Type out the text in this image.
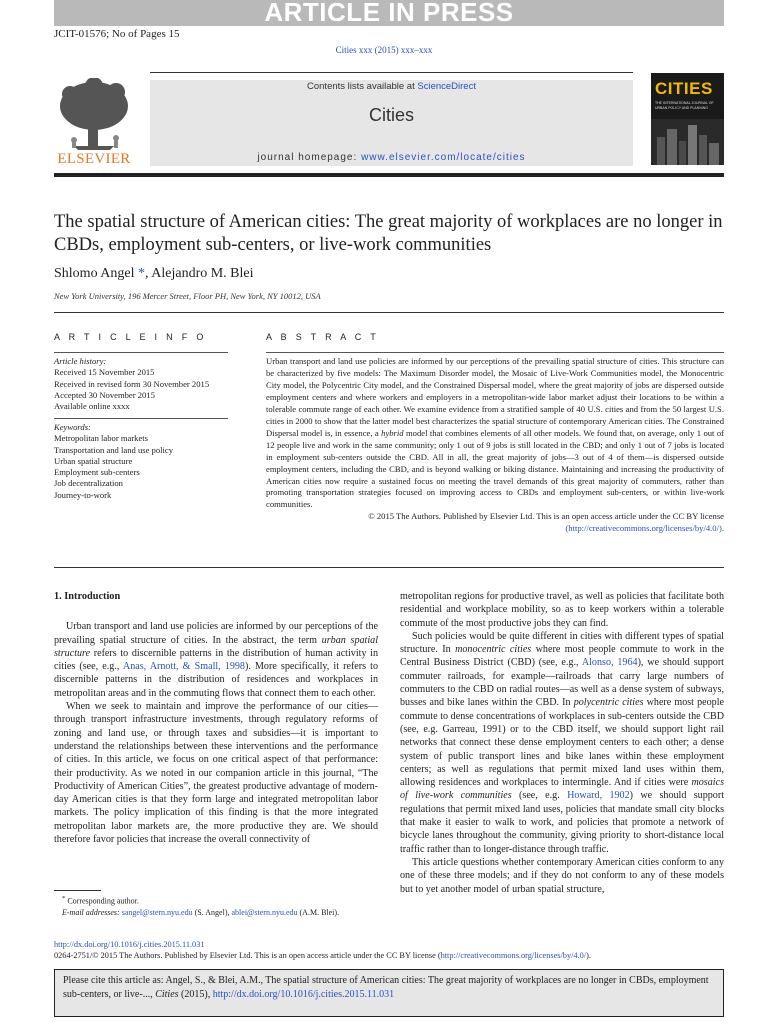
ARTICLE IN PRESS
JCIT-01576; No of Pages 15
Cities xxx (2015) xxx–xxx
ELSEVIER
Contents lists available at ScienceDirect
Cities
journal homepage: www.elsevier.com/locate/cities
CITIES
THE INTERNATIONAL JOURNAL OF URBAN POLICY AND PLANNING
The spatial structure of American cities: The great majority of workplaces are no longer in CBDs, employment sub-centers, or live-work communities
Shlomo Angel *, Alejandro M. Blei
New York University, 196 Mercer Street, Floor PH, New York, NY 10012, USA
A R T I C L E I N F O
Article history:
Received 15 November 2015
Received in revised form 30 November 2015
Accepted 30 November 2015
Available online xxxx
Keywords:
Metropolitan labor markets
Transportation and land use policy
Urban spatial structure
Employment sub-centers
Job decentralization
Journey-to-work
A B S T R A C T
Urban transport and land use policies are informed by our perceptions of the prevailing spatial structure of cities. This structure can be characterized by five models: The Maximum Disorder model, the Mosaic of Live-Work Communities model, the Monocentric City model, the Polycentric City model, and the Constrained Dispersal model, where the great majority of jobs are dispersed outside employment centers and where workers and employers in a metropolitan-wide labor market adjust their locations to be within a tolerable commute range of each other. We examine evidence from a stratified sample of 40 U.S. cities and from the 50 largest U.S. cities in 2000 to show that the latter model best characterizes the spatial structure of contemporary American cities. The Constrained Dispersal model is, in essence, a hybrid model that combines elements of all other models. We found that, on average, only 1 out of 12 people live and work in the same community; only 1 out of 9 jobs is still located in the CBD; and only 1 out of 7 jobs is located in employment sub-centers outside the CBD. All in all, the great majority of jobs—3 out of 4 of them—is dispersed outside employment centers, including the CBD, and is beyond walking or biking distance. Maintaining and increasing the productivity of American cities now require a sustained focus on meeting the travel demands of this great majority of commuters, rather than promoting transportation strategies focused on improving access to CBDs and employment sub-centers, or within live-work communities.
© 2015 The Authors. Published by Elsevier Ltd. This is an open access article under the CC BY license
(http://creativecommons.org/licenses/by/4.0/).

1. Introduction

Urban transport and land use policies are informed by our perceptions of the prevailing spatial structure of cities. In the abstract, the term urban spatial structure refers to discernible patterns in the distribution of human activity in cities (see, e.g., Anas, Arnott, & Small, 1998). More specifically, it refers to discernible patterns in the distribution of residences and workplaces in metropolitan areas and in the commuting flows that connect them to each other.

When we seek to maintain and improve the performance of our cities—through transport infrastructure investments, through regulatory reforms of zoning and land use, or through taxes and subsidies—it is important to understand the relationships between these interventions and the performance of cities. In this article, we focus on one critical aspect of that performance: their productivity. As we noted in our companion article in this journal, “The Productivity of American Cities”, the greatest productive advantage of modern-day American cities is that they form large and integrated metropolitan labor markets. The policy implication of this finding is that the more integrated metropolitan labor markets are, the more productive they are. We should therefore favor policies that increase the overall connectivity of

metropolitan regions for productive travel, as well as policies that facilitate both residential and workplace mobility, so as to keep workers within a tolerable commute of the most productive jobs they can find.

Such policies would be quite different in cities with different types of spatial structure. In monocentric cities where most people commute to work in the Central Business District (CBD) (see, e.g., Alonso, 1964), we should support commuter railroads, for example—railroads that carry large numbers of commuters to the CBD on radial routes—as well as a dense system of subways, busses and bike lanes within the CBD. In polycentric cities where most people commute to dense concentrations of workplaces in sub-centers outside the CBD (see, e.g. Garreau, 1991) or to the CBD itself, we should support light rail networks that connect these dense employment centers to each other; a dense system of public transport lines and bike lanes within these employment centers; as well as regulations that permit mixed land uses within them, allowing residences and workplaces to intermingle. And if cities were mosaics of live-work communities (see, e.g. Howard, 1902) we should support regulations that permit mixed land uses, policies that mandate small city blocks that make it easier to walk to work, and policies that promote a network of bicycle lanes throughout the community, giving priority to short-distance local traffic rather than to longer-distance through traffic.

This article questions whether contemporary American cities conform to any one of these three models; and if they do not conform to any of these models but to yet another model of urban spatial structure,

* Corresponding author.
E-mail addresses: sangel@stern.nyu.edu (S. Angel), ablei@stern.nyu.edu (A.M. Blei).
http://dx.doi.org/10.1016/j.cities.2015.11.031
0264-2751/© 2015 The Authors. Published by Elsevier Ltd. This is an open access article under the CC BY license (http://creativecommons.org/licenses/by/4.0/).
Please cite this article as: Angel, S., & Blei, A.M., The spatial structure of American cities: The great majority of workplaces are no longer in CBDs, employment sub-centers, or live-..., Cities (2015), http://dx.doi.org/10.1016/j.cities.2015.11.031
